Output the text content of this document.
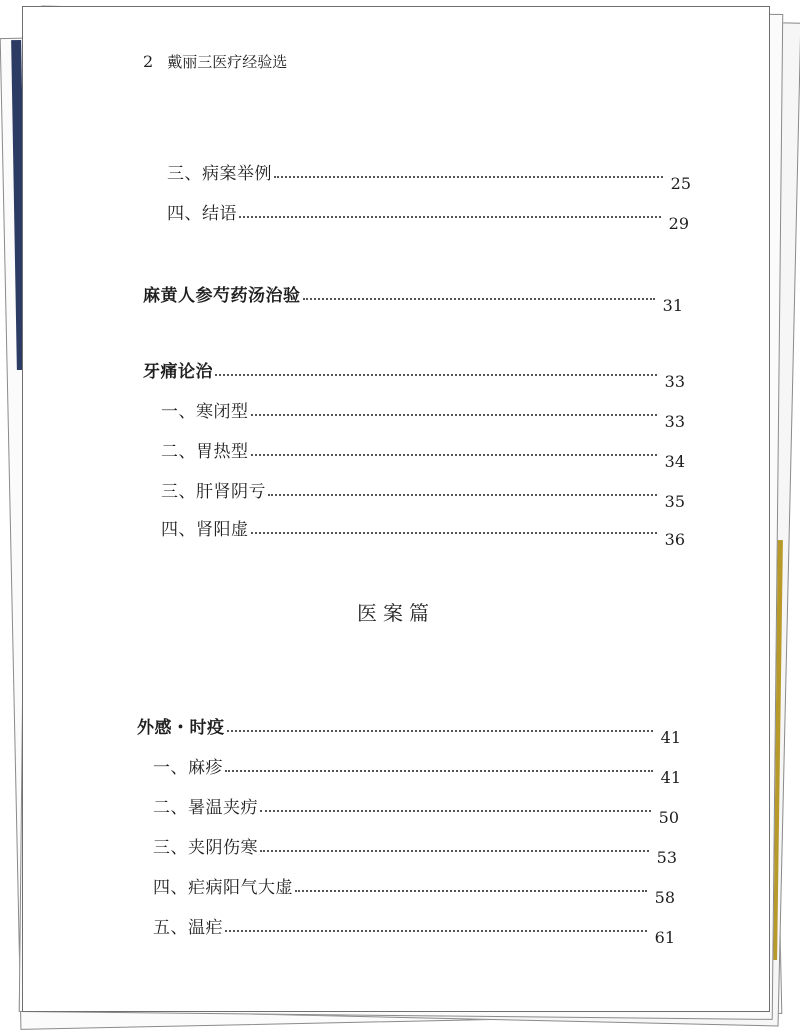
2 戴丽三医疗经验选
三、病案举例	25
四、结语	29
麻黄人参芍药汤治验	31
牙痛论治	33
一、寒闭型	33
二、胃热型	34
三、肝肾阴亏	35
四、肾阳虚	36
医案篇
外感・时疫	41
一、麻疹	41
二、暑温夹疠	50
三、夹阴伤寒	53
四、疟病阳气大虚	58
五、温疟	61
